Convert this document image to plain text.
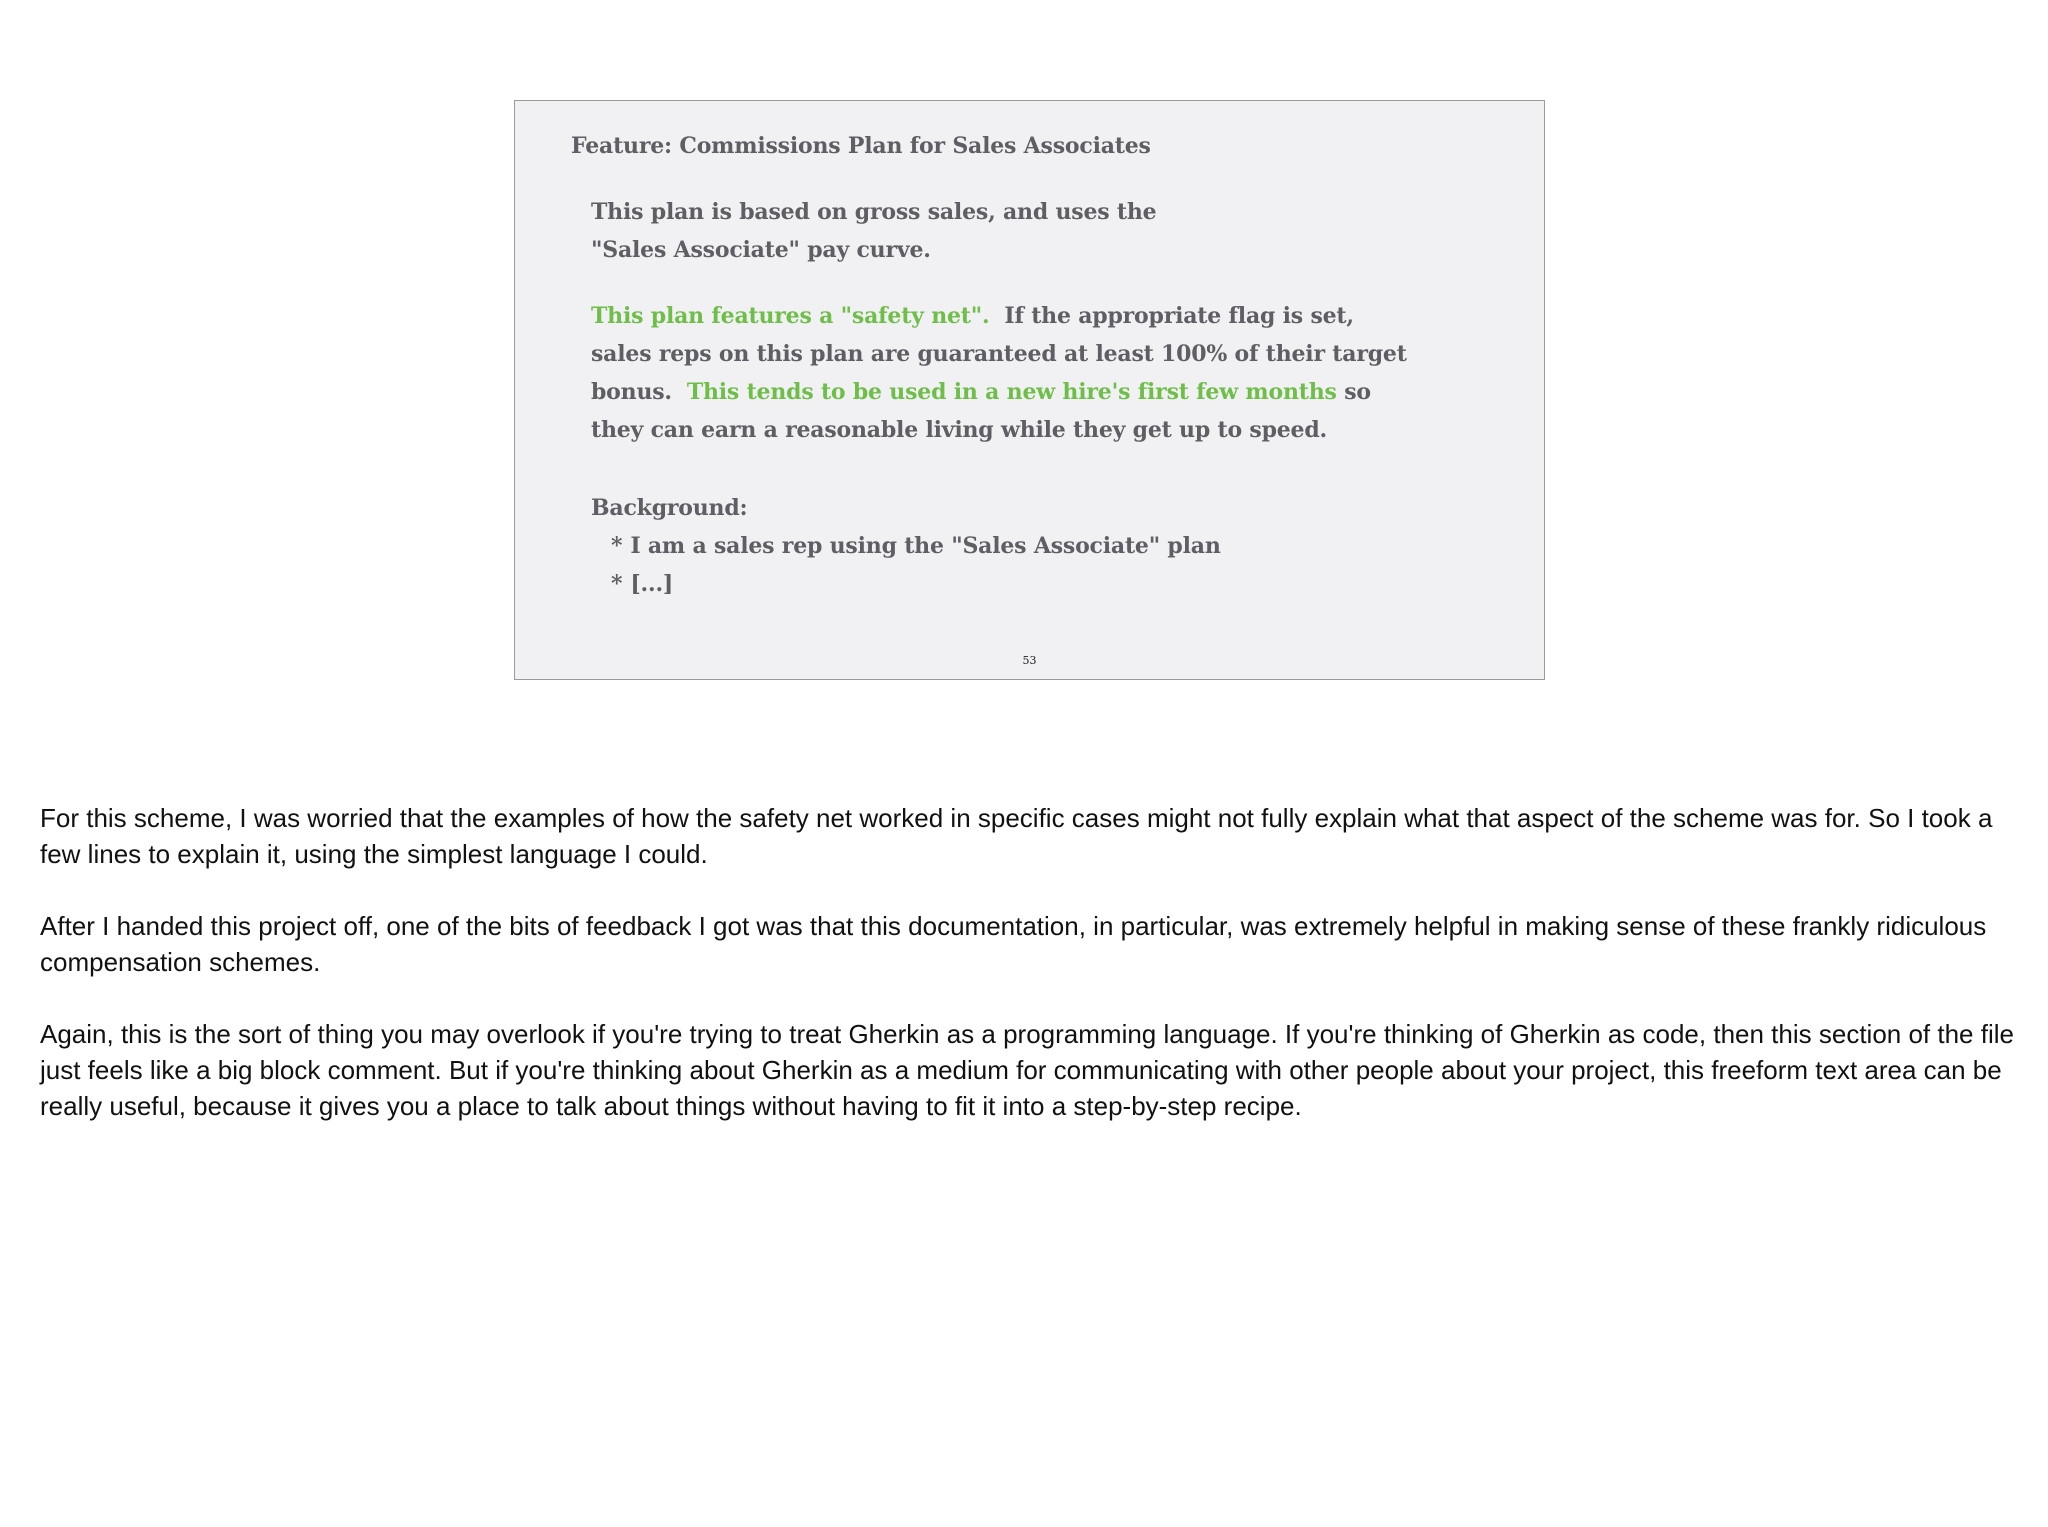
Feature: Commissions Plan for Sales Associates
This plan is based on gross sales, and uses the
"Sales Associate" pay curve.
This plan features a "safety net".  If the appropriate flag is set,
sales reps on this plan are guaranteed at least 100% of their target
bonus.  This tends to be used in a new hire's first few months so
they can earn a reasonable living while they get up to speed.
Background:
* I am a sales rep using the "Sales Associate" plan
* [...]
53

For this scheme, I was worried that the examples of how the safety net worked in specific cases might not fully explain what that aspect of the scheme was for. So I took a few lines to explain it, using the simplest language I could.

After I handed this project off, one of the bits of feedback I got was that this documentation, in particular, was extremely helpful in making sense of these frankly ridiculous compensation schemes.

Again, this is the sort of thing you may overlook if you're trying to treat Gherkin as a programming language. If you're thinking of Gherkin as code, then this section of the file just feels like a big block comment. But if you're thinking about Gherkin as a medium for communicating with other people about your project, this freeform text area can be really useful, because it gives you a place to talk about things without having to fit it into a step-by-step recipe.
